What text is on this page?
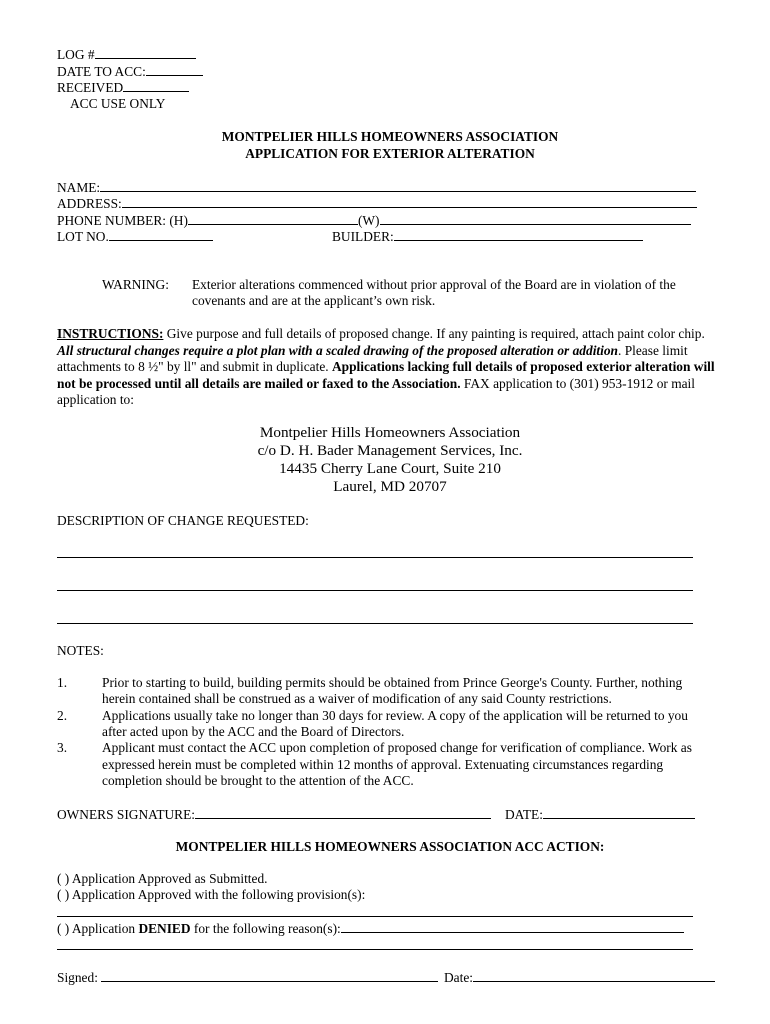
LOG #
DATE TO ACC:
RECEIVED
ACC USE ONLY
MONTPELIER HILLS HOMEOWNERS ASSOCIATION
APPLICATION FOR EXTERIOR ALTERATION
NAME:
ADDRESS:
PHONE NUMBER: (H)	(W)
LOT NO.	BUILDER:
WARNING: Exterior alterations commenced without prior approval of the Board are in violation of the
covenants and are at the applicant’s own risk.
INSTRUCTIONS: Give purpose and full details of proposed change. If any painting is required, attach paint color chip. All structural changes require a plot plan with a scaled drawing of the proposed alteration or addition. Please limit attachments to 8 ½" by ll" and submit in duplicate. Applications lacking full details of proposed exterior alteration will not be processed until all details are mailed or faxed to the Association. FAX application to (301) 953-1912 or mail application to:
Montpelier Hills Homeowners Association
c/o D. H. Bader Management Services, Inc.
14435 Cherry Lane Court, Suite 210
Laurel, MD 20707
DESCRIPTION OF CHANGE REQUESTED:
NOTES:
1.	Prior to starting to build, building permits should be obtained from Prince George's County. Further, nothing
herein contained shall be construed as a waiver of modification of any said County restrictions.
2.	Applications usually take no longer than 30 days for review. A copy of the application will be returned to you
after acted upon by the ACC and the Board of Directors.
3.	Applicant must contact the ACC upon completion of proposed change for verification of compliance. Work as
expressed herein must be completed within 12 months of approval. Extenuating circumstances regarding
completion should be brought to the attention of the ACC.
OWNERS SIGNATURE:	DATE:
MONTPELIER HILLS HOMEOWNERS ASSOCIATION ACC ACTION:
( ) Application Approved as Submitted.
( ) Application Approved with the following provision(s):
( ) Application DENIED for the following reason(s):
Signed:	Date:
